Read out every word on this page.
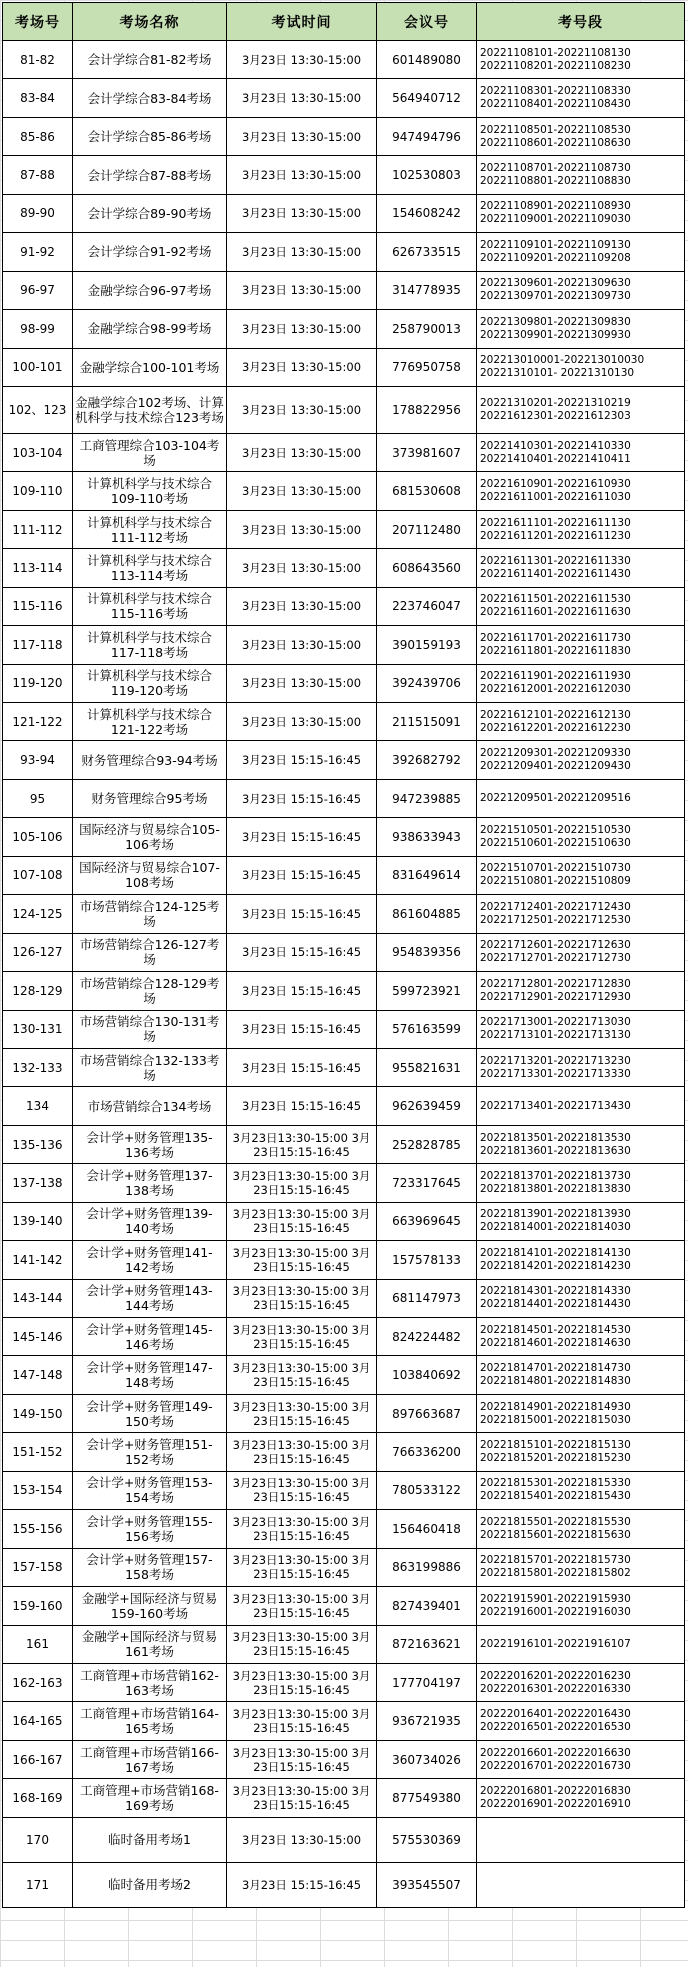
考场号	考场名称	考试时间	会议号	考号段
81-82	会计学综合81-82考场	3月23日 13:30-15:00	601489080	20221108101-20221108130
20221108201-20221108230

83-84	会计学综合83-84考场	3月23日 13:30-15:00	564940712	20221108301-20221108330
20221108401-20221108430

85-86	会计学综合85-86考场	3月23日 13:30-15:00	947494796	20221108501-20221108530
20221108601-20221108630

87-88	会计学综合87-88考场	3月23日 13:30-15:00	102530803	20221108701-20221108730
20221108801-20221108830

89-90	会计学综合89-90考场	3月23日 13:30-15:00	154608242	20221108901-20221108930
20221109001-20221109030

91-92	会计学综合91-92考场	3月23日 13:30-15:00	626733515	20221109101-20221109130
20221109201-20221109208

96-97	金融学综合96-97考场	3月23日 13:30-15:00	314778935	20221309601-20221309630
20221309701-20221309730

98-99	金融学综合98-99考场	3月23日 13:30-15:00	258790013	20221309801-20221309830
20221309901-20221309930

100-101	金融学综合100-101考场	3月23日 13:30-15:00	776950758	202213010001-202213010030
20221310101- 20221310130

102、123	金融学综合102考场、计算机科学与技术综合123考场	3月23日 13:30-15:00	178822956	20221310201-20221310219
20221612301-20221612303

103-104	工商管理综合103-104考场	3月23日 13:30-15:00	373981607	20221410301-20221410330
20221410401-20221410411

109-110	计算机科学与技术综合109-110考场	3月23日 13:30-15:00	681530608	20221610901-20221610930
20221611001-20221611030

111-112	计算机科学与技术综合111-112考场	3月23日 13:30-15:00	207112480	20221611101-20221611130
20221611201-20221611230

113-114	计算机科学与技术综合113-114考场	3月23日 13:30-15:00	608643560	20221611301-20221611330
20221611401-20221611430

115-116	计算机科学与技术综合115-116考场	3月23日 13:30-15:00	223746047	20221611501-20221611530
20221611601-20221611630

117-118	计算机科学与技术综合117-118考场	3月23日 13:30-15:00	390159193	20221611701-20221611730
20221611801-20221611830

119-120	计算机科学与技术综合119-120考场	3月23日 13:30-15:00	392439706	20221611901-20221611930
20221612001-20221612030

121-122	计算机科学与技术综合121-122考场	3月23日 13:30-15:00	211515091	20221612101-20221612130
20221612201-20221612230

93-94	财务管理综合93-94考场	3月23日 15:15-16:45	392682792	20221209301-20221209330
20221209401-20221209430

95	财务管理综合95考场	3月23日 15:15-16:45	947239885	20221209501-20221209516

105-106	国际经济与贸易综合105-106考场	3月23日 15:15-16:45	938633943	20221510501-20221510530
20221510601-20221510630

107-108	国际经济与贸易综合107-108考场	3月23日 15:15-16:45	831649614	20221510701-20221510730
20221510801-20221510809

124-125	市场营销综合124-125考场	3月23日 15:15-16:45	861604885	20221712401-20221712430
20221712501-20221712530

126-127	市场营销综合126-127考场	3月23日 15:15-16:45	954839356	20221712601-20221712630
20221712701-20221712730

128-129	市场营销综合128-129考场	3月23日 15:15-16:45	599723921	20221712801-20221712830
20221712901-20221712930

130-131	市场营销综合130-131考场	3月23日 15:15-16:45	576163599	20221713001-20221713030
20221713101-20221713130

132-133	市场营销综合132-133考场	3月23日 15:15-16:45	955821631	20221713201-20221713230
20221713301-20221713330

134	市场营销综合134考场	3月23日 15:15-16:45	962639459	20221713401-20221713430

135-136	会计学+财务管理135-136考场	3月23日13:30-15:00 3月23日15:15-16:45	252828785	20221813501-20221813530
20221813601-20221813630

137-138	会计学+财务管理137-138考场	3月23日13:30-15:00 3月23日15:15-16:45	723317645	20221813701-20221813730
20221813801-20221813830

139-140	会计学+财务管理139-140考场	3月23日13:30-15:00 3月23日15:15-16:45	663969645	20221813901-20221813930
20221814001-20221814030

141-142	会计学+财务管理141-142考场	3月23日13:30-15:00 3月23日15:15-16:45	157578133	20221814101-20221814130
20221814201-20221814230

143-144	会计学+财务管理143-144考场	3月23日13:30-15:00 3月23日15:15-16:45	681147973	20221814301-20221814330
20221814401-20221814430

145-146	会计学+财务管理145-146考场	3月23日13:30-15:00 3月23日15:15-16:45	824224482	20221814501-20221814530
20221814601-20221814630

147-148	会计学+财务管理147-148考场	3月23日13:30-15:00 3月23日15:15-16:45	103840692	20221814701-20221814730
20221814801-20221814830

149-150	会计学+财务管理149-150考场	3月23日13:30-15:00 3月23日15:15-16:45	897663687	20221814901-20221814930
20221815001-20221815030

151-152	会计学+财务管理151-152考场	3月23日13:30-15:00 3月23日15:15-16:45	766336200	20221815101-20221815130
20221815201-20221815230

153-154	会计学+财务管理153-154考场	3月23日13:30-15:00 3月23日15:15-16:45	780533122	20221815301-20221815330
20221815401-20221815430

155-156	会计学+财务管理155-156考场	3月23日13:30-15:00 3月23日15:15-16:45	156460418	20221815501-20221815530
20221815601-20221815630

157-158	会计学+财务管理157-158考场	3月23日13:30-15:00 3月23日15:15-16:45	863199886	20221815701-20221815730
20221815801-20221815802

159-160	金融学+国际经济与贸易159-160考场	3月23日13:30-15:00 3月23日15:15-16:45	827439401	20221915901-20221915930
20221916001-20221916030

161	金融学+国际经济与贸易161考场	3月23日13:30-15:00 3月23日15:15-16:45	872163621	20221916101-20221916107

162-163	工商管理+市场营销162-163考场	3月23日13:30-15:00 3月23日15:15-16:45	177704197	20222016201-20222016230
20222016301-20222016330

164-165	工商管理+市场营销164-165考场	3月23日13:30-15:00 3月23日15:15-16:45	936721935	20222016401-20222016430
20222016501-20222016530

166-167	工商管理+市场营销166-167考场	3月23日13:30-15:00 3月23日15:15-16:45	360734026	20222016601-20222016630
20222016701-20222016730

168-169	工商管理+市场营销168-169考场	3月23日13:30-15:00 3月23日15:15-16:45	877549380	20222016801-20222016830
20222016901-20222016910

170	临时备用考场1	3月23日 13:30-15:00	575530369	
171	临时备用考场2	3月23日 15:15-16:45	393545507	
